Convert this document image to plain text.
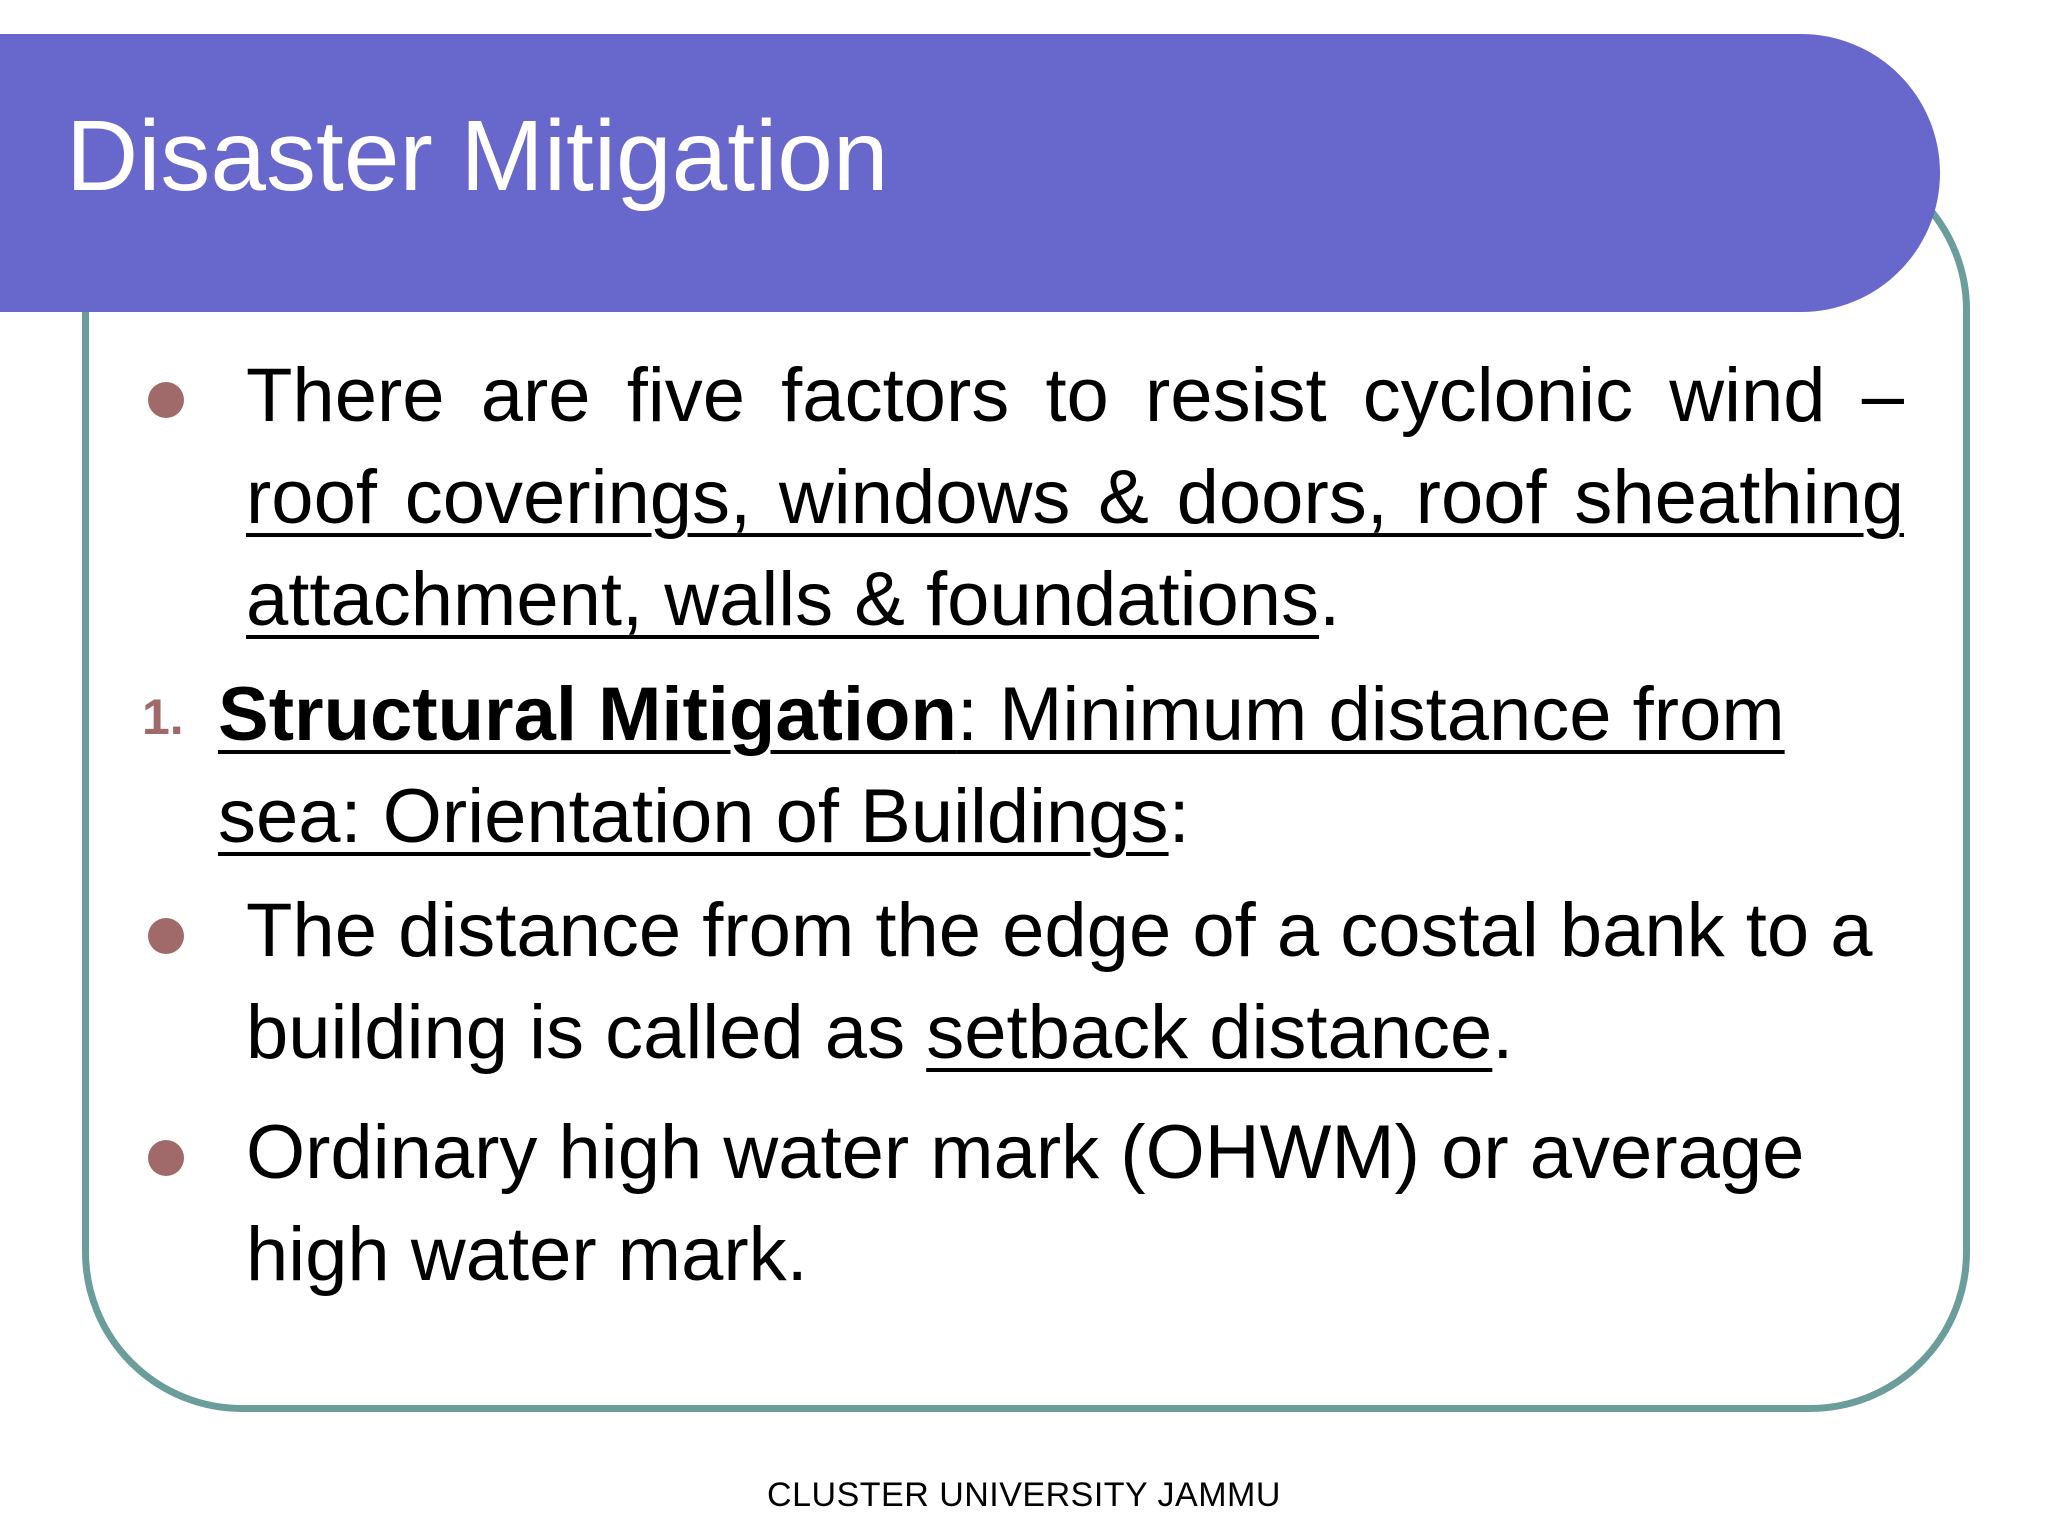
Disaster Mitigation

There are five factors to resist cyclonic wind – roof coverings, windows & doors, roof sheathing attachment, walls & foundations.

1. Structural Mitigation: Minimum distance from sea: Orientation of Buildings:

The distance from the edge of a costal bank to a building is called as setback distance.

Ordinary high water mark (OHWM) or average high water mark.

CLUSTER UNIVERSITY JAMMU
